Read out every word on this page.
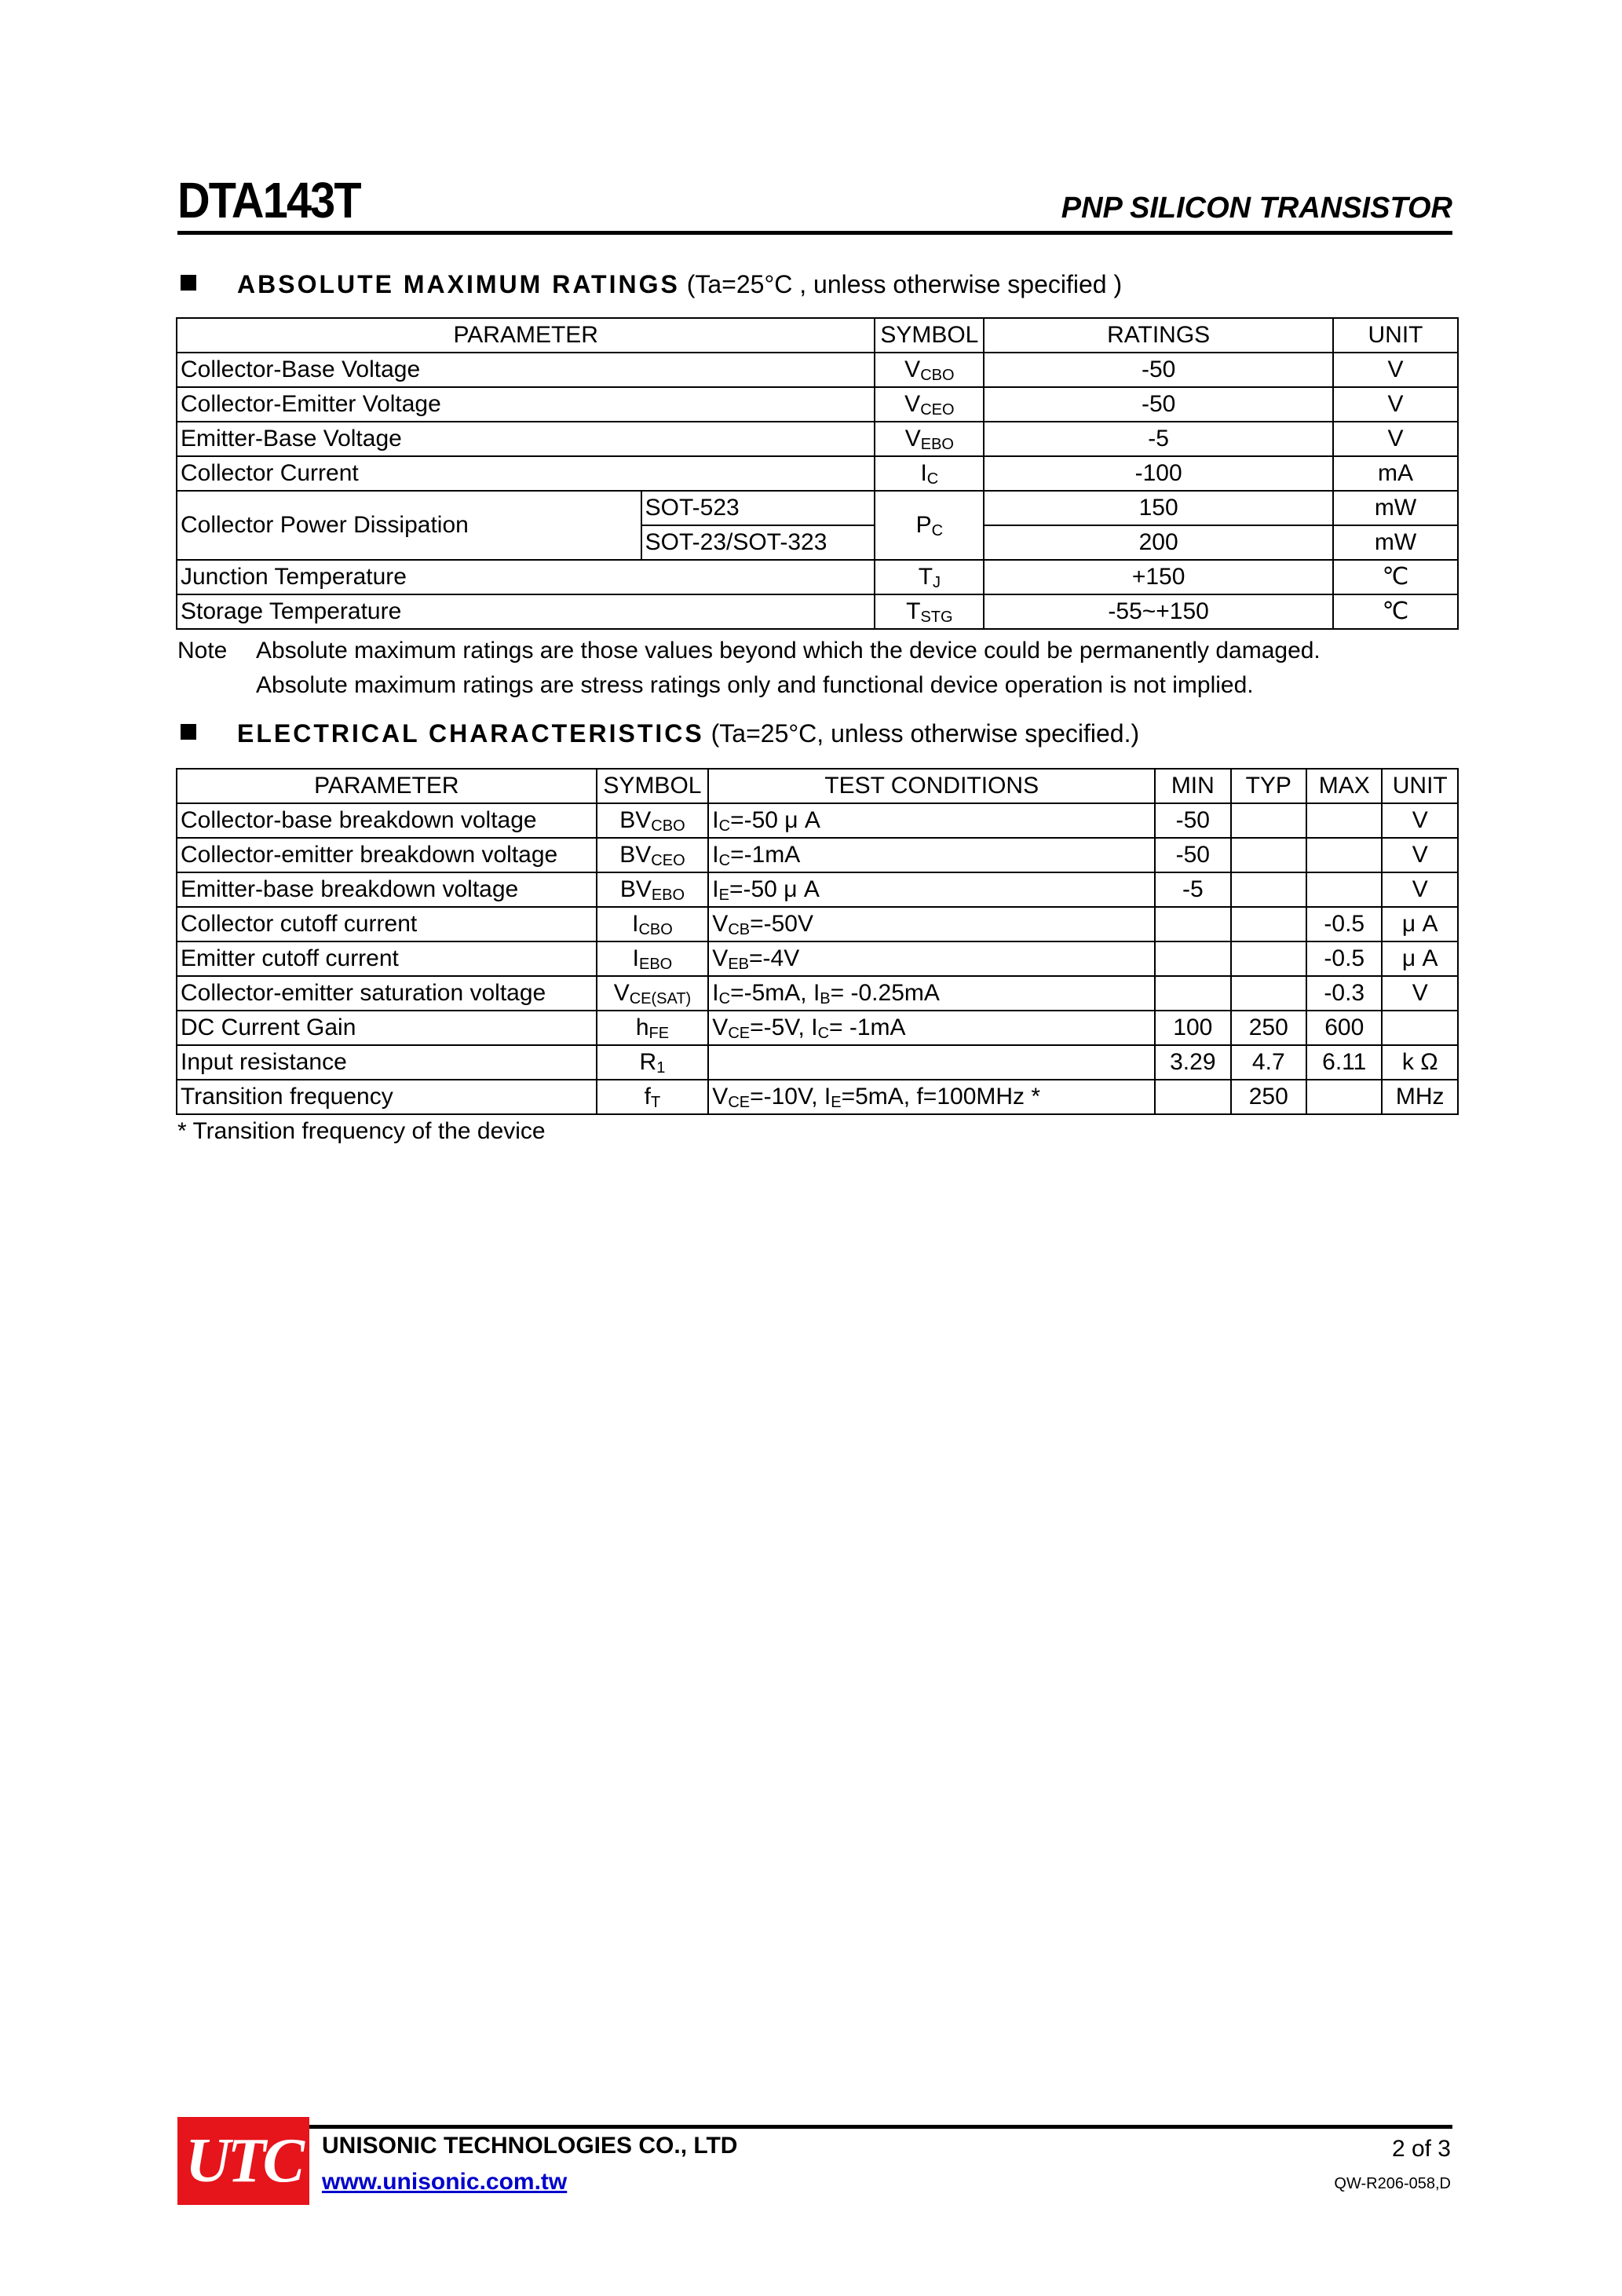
DTA143T	PNP SILICON TRANSISTOR
ABSOLUTE MAXIMUM RATINGS (Ta=25°C , unless otherwise specified )
PARAMETER		SYMBOL	RATINGS	UNIT
Collector-Base Voltage		$V_{CBO}$	-50	V
Collector-Emitter Voltage		$V_{CEO}$	-50	V
Emitter-Base Voltage		$V_{EBO}$	-5	V
Collector Current		$I_C$	-100	mA
Collector Power Dissipation	SOT-523	$P_C$	150	mW
	SOT-23/SOT-323		200	mW
Junction Temperature		$T_J$	+150	℃
Storage Temperature		$T_{STG}$	-55~+150	℃
Note Absolute maximum ratings are those values beyond which the device could be permanently damaged.
Absolute maximum ratings are stress ratings only and functional device operation is not implied.
ELECTRICAL CHARACTERISTICS (Ta=25°C, unless otherwise specified.)
PARAMETER	SYMBOL	TEST CONDITIONS	MIN	TYP	MAX	UNIT
Collector-base breakdown voltage	$BV_{CBO}$	$I_C=-50$ μ A	-50			V
Collector-emitter breakdown voltage	$BV_{CEO}$	$I_C=-1mA$	-50			V
Emitter-base breakdown voltage	$BV_{EBO}$	$I_E=-50$ μ A	-5			V
Collector cutoff current	$I_{CBO}$	$V_{CB}=-50V$			-0.5	μ A
Emitter cutoff current	$I_{EBO}$	$V_{EB}=-4V$			-0.5	μ A
Collector-emitter saturation voltage	$V_{CE(SAT)}$	$I_C=-5mA$, $I_B= -0.25mA$			-0.3	V
DC Current Gain	$h_{FE}$	$V_{CE}=-5V$, $I_C= -1mA$	100	250	600	
Input resistance	$R_1$		3.29	4.7	6.11	k Ω
Transition frequency	$f_T$	$V_{CE}=-10V$, $I_E=5mA$, f=100MHz *		250		MHz
* Transition frequency of the device
UTC UNISONIC TECHNOLOGIES CO., LTD
www.unisonic.com.tw
2 of 3
QW-R206-058,D
